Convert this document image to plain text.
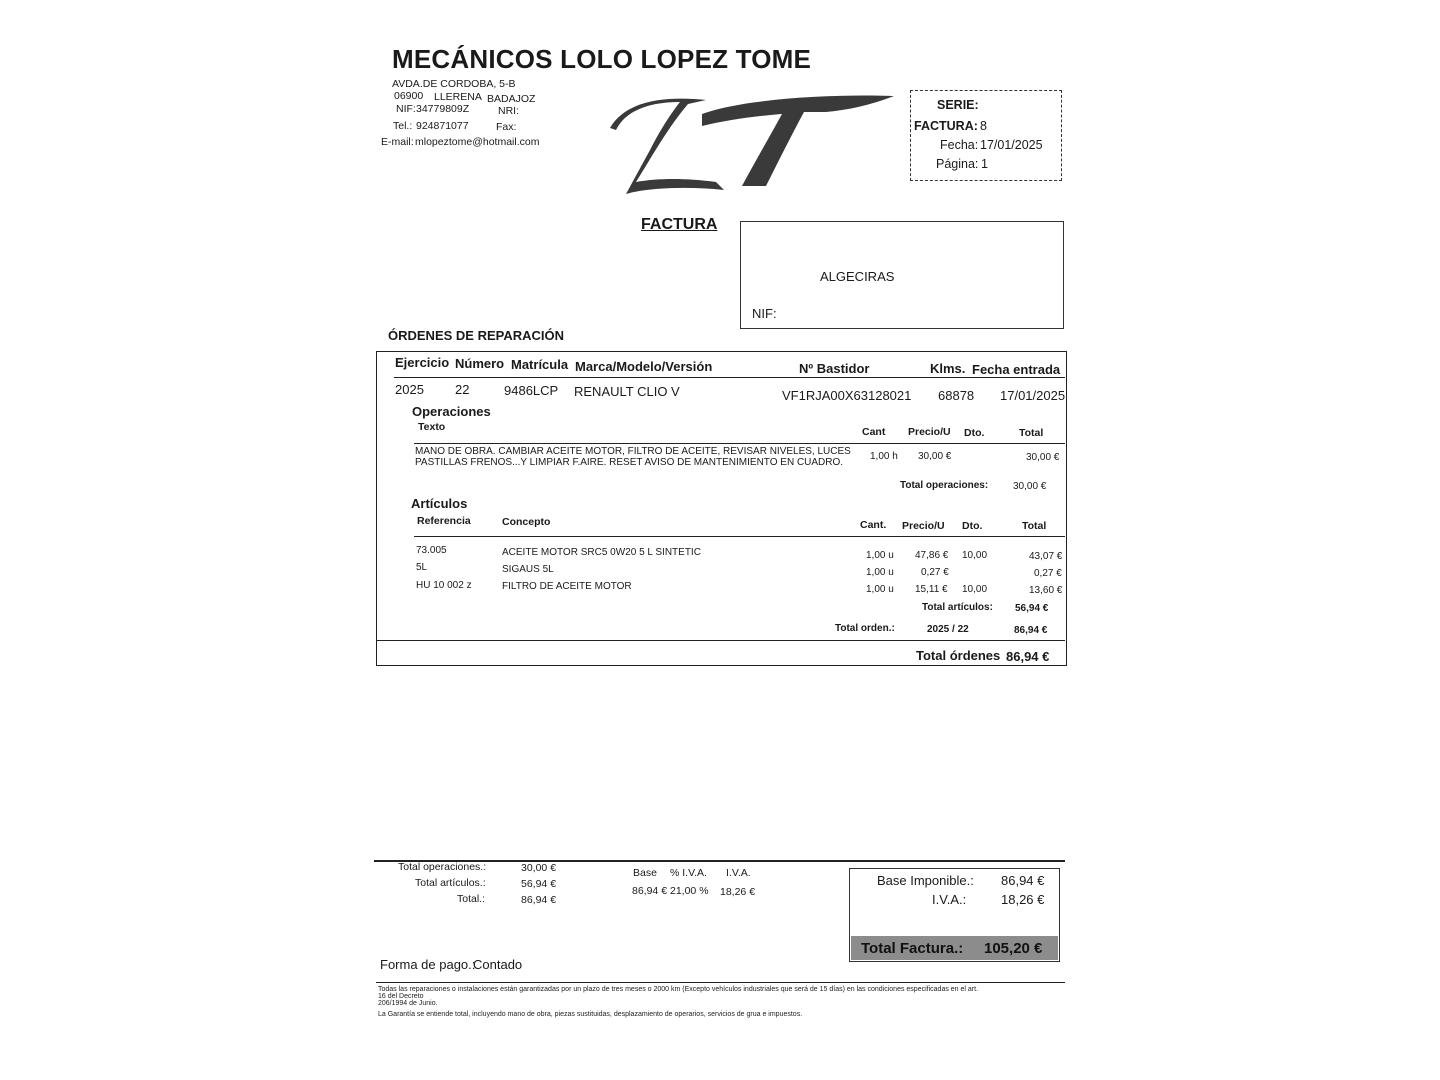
MECÁNICOS LOLO LOPEZ TOME
AVDA.DE CORDOBA, 5-B
06900 LLERENA BADAJOZ
NIF: 34779809Z	NRI:
Tel.: 924871077	Fax:
E-mail: mlopeztome@hotmail.com
SERIE:
FACTURA: 8
Fecha: 17/01/2025
Página: 1
FACTURA
ALGECIRAS
NIF:
ÓRDENES DE REPARACIÓN
Ejercicio Número Matrícula Marca/Modelo/Versión	Nº Bastidor	Klms. Fecha entrada
2025 22	9486LCP RENAULT CLIO V	VF1RJA00X63128021 68878 17/01/2025
Operaciones
Texto	Cant Precio/U Dto.	Total
MANO DE OBRA. CAMBIAR ACEITE MOTOR, FILTRO DE ACEITE, REVISAR NIVELES, LUCES
PASTILLAS FRENOS...Y LIMPIAR F.AIRE. RESET AVISO DE MANTENIMIENTO EN CUADRO.
1,00 h 30,00 €	30,00 €
Total operaciones: 30,00 €
Artículos
Referencia	Concepto	Cant. Precio/U Dto.	Total
73.005	ACEITE MOTOR SRC5 0W20 5 L SINTETIC	1,00 u 47,86 € 10,00	43,07 €
5L	SIGAUS 5L	1,00 u	0,27 €	0,27 €
HU 10 002 z	FILTRO DE ACEITE MOTOR	1,00 u 15,11 € 10,00	13,60 €
Total artículos: 56,94 €
Total orden.:	2025 / 22	86,94 €
Total órdenes 86,94 €
Total operaciones.:	30,00 €
Total artículos.:	56,94 €
Total.:	86,94 €
Base % I.V.A. I.V.A.
86,94 € 21,00 % 18,26 €
Base Imponible.: 86,94 €
I.V.A.:	18,26 €
Total Factura.: 105,20 €
Forma de pago.:
Contado
Todas las reparaciones o instalaciones están garantizadas por un plazo de tres meses o 2000 km (Excepto vehículos industriales que será de 15 días) en las condiciones especificadas en el art.
16 del Decreto
206/1994 de Junio.
La Garantía se entiende total, incluyendo mano de obra, piezas sustituidas, desplazamiento de operarios, servicios de grua e impuestos.
